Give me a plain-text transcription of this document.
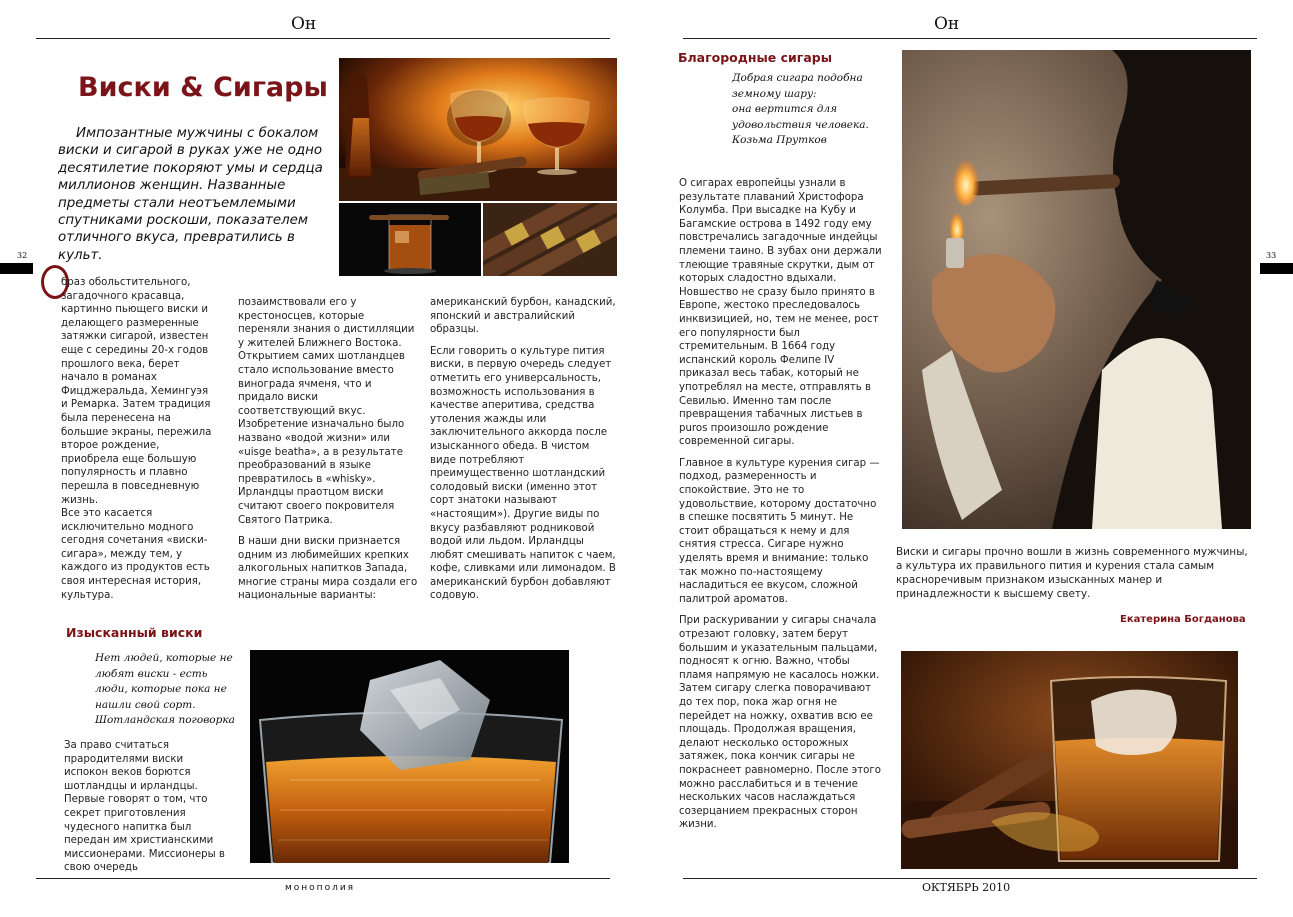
Он
32
Виски & Сигары
Импозантные мужчины с бокалом виски и сигарой в руках уже не одно десятилетие покоряют умы и сердца миллионов женщин. Названные предметы стали неотъемлемыми спутниками роскоши, показателем отличного вкуса, превратились в культ.

браз обольстительного, загадочного красавца, картинно пьющего виски и делающего размеренные затяжки сигарой, известен еще с середины 20-х годов прошлого века, берет начало в романах Фицджеральда, Хемингуэя и Ремарка. Затем традиция была перенесена на большие экраны, пережила второе рождение, приобрела еще большую популярность и плавно перешла в повседневную жизнь.

Все это касается исключительно модного сегодня сочетания «виски-сигара», между тем, у каждого из продуктов есть своя интересная история, культура.

позаимствовали его у крестоносцев, которые переняли знания о дистилляции у жителей Ближнего Востока. Открытием самих шотландцев стало использование вместо винограда ячменя, что и придало виски соответствующий вкус. Изобретение изначально было названо «водой жизни» или «uisge beatha», а в результате преобразований в языке превратилось в «whisky». Ирландцы праотцом виски считают своего покровителя Святого Патрика.

В наши дни виски признается одним из любимейших крепких алкогольных напитков Запада, многие страны мира создали его национальные варианты:

американский бурбон, канадский, японский и австралийский образцы.

Если говорить о культуре пития виски, в первую очередь следует отметить его универсальность, возможность использования в качестве аперитива, средства утоления жажды или заключительного аккорда после изысканного обеда. В чистом виде потребляют преимущественно шотландский солодовый виски (именно этот сорт знатоки называют «настоящим»). Другие виды по вкусу разбавляют родниковой водой или льдом. Ирландцы любят смешивать напиток с чаем, кофе, сливками или лимонадом. В американский бурбон добавляют содовую.

Изысканный виски
Нет людей, которые не
любят виски - есть
люди, которые пока не
нашли свой сорт.
Шотландская поговорка

За право считаться прародителями виски испокон веков борются шотландцы и ирландцы. Первые говорят о том, что секрет приготовления чудесного напитка был передан им христианскими миссионерами. Миссионеры в свою очередь

монополия
Он
33
Благородные сигары
Добрая сигара подобна
земному шару:
она вертится для
удовольствия человека.
Козьма Прутков

О сигарах европейцы узнали в результате плаваний Христофора Колумба. При высадке на Кубу и Багамские острова в 1492 году ему повстречались загадочные индейцы племени таино. В зубах они держали тлеющие травяные скрутки, дым от которых сладостно вдыхали. Новшество не сразу было принято в Европе, жестоко преследовалось инквизицией, но, тем не менее, рост его популярности был стремительным. В 1664 году испанский король Фелипе IV приказал весь табак, который не употреблял на месте, отправлять в Севилью. Именно там после превращения табачных листьев в puros произошло рождение современной сигары.

Главное в культуре курения сигар — подход, размеренность и спокойствие. Это не то удовольствие, которому достаточно в спешке посвятить 5 минут. Не стоит обращаться к нему и для снятия стресса. Сигаре нужно уделять время и внимание: только так можно по-настоящему насладиться ее вкусом, сложной палитрой ароматов.

При раскуривании у сигары сначала отрезают головку, затем берут большим и указательным пальцами, подносят к огню. Важно, чтобы пламя напрямую не касалось ножки. Затем сигару слегка поворачивают до тех пор, пока жар огня не перейдет на ножку, охватив всю ее площадь. Продолжая вращения, делают несколько осторожных затяжек, пока кончик сигары не покраснеет равномерно. После этого можно расслабиться и в течение нескольких часов наслаждаться созерцанием прекрасных сторон жизни.

Виски и сигары прочно вошли в жизнь современного мужчины, а культура их правильного пития и курения стала самым красноречивым признаком изысканных манер и принадлежности к высшему свету.
Екатерина Богданова
ОКТЯБРЬ 2010
